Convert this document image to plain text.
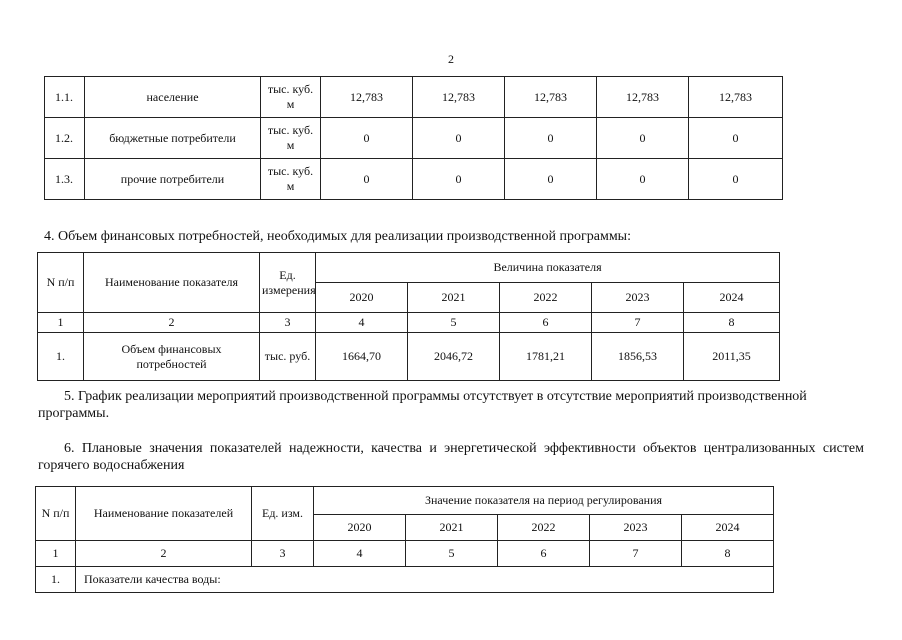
2
1.1.	население	тыс. куб. м	12,783	12,783	12,783	12,783	12,783
1.2.	бюджетные потребители	тыс. куб. м	0	0	0	0	0
1.3.	прочие потребители	тыс. куб. м	0	0	0	0	0

4. Объем финансовых потребностей, необходимых для реализации производственной программы:

N п/п	Наименование показателя	Ед. измерения	Величина показателя				
			2020	2021	2022	2023	2024
1	2	3	4	5	6	7	8
1.	Объем финансовых потребностей	тыс. руб.	1664,70	2046,72	1781,21	1856,53	2011,35

5. График реализации мероприятий производственной программы отсутствует в отсутствие мероприятий производственной программы.

6. Плановые значения показателей надежности, качества и энергетической эффективности объектов централизованных систем горячего водоснабжения

N п/п	Наименование показателей	Ед. изм.	Значение показателя на период регулирования				
			2020	2021	2022	2023	2024
1	2	3	4	5	6	7	8
1.	Показатели качества воды:						
